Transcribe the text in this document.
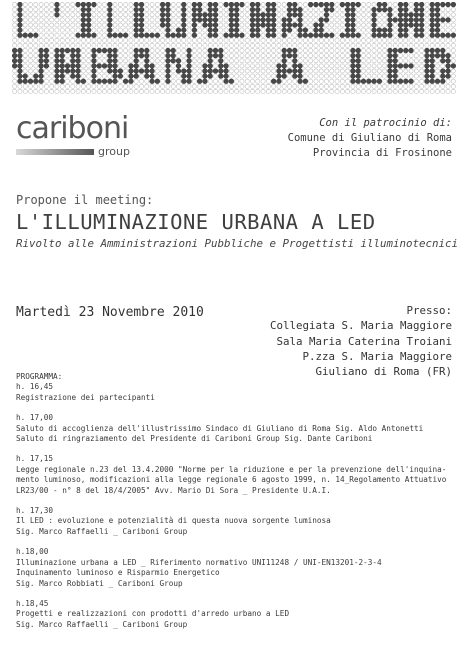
L'ILLUMINAZIONE
URBANA A LED
cariboni
group
Con il patrocinio di:
Comune di Giuliano di Roma
Provincia di Frosinone
Propone il meeting:
L'ILLUMINAZIONE URBANA A LED
Rivolto alle Amministrazioni Pubbliche e Progettisti illuminotecnici
Martedì 23 Novembre 2010	Presso:
Collegiata S. Maria Maggiore
Sala Maria Caterina Troiani
P.zza S. Maria Maggiore
Giuliano di Roma (FR)
PROGRAMMA:
h. 16,45
Registrazione dei partecipanti
h. 17,00
Saluto di accoglienza dell'illustrissimo Sindaco di Giuliano di Roma Sig. Aldo Antonetti
Saluto di ringraziamento del Presidente di Cariboni Group Sig. Dante Cariboni
h. 17,15
Legge regionale n.23 del 13.4.2000 "Norme per la riduzione e per la prevenzione dell'inquina-
mento luminoso, modificazioni alla legge regionale 6 agosto 1999, n. 14_Regolamento Attuativo
LR23/00 - n° 8 del 18/4/2005" Avv. Mario Di Sora _ Presidente U.A.I.
h. 17,30
Il LED : evoluzione e potenzialità di questa nuova sorgente luminosa
Sig. Marco Raffaelli _ Cariboni Group
h.18,00
Illuminazione urbana a LED _ Riferimento normativo UNI11248 / UNI-EN13201-2-3-4
Inquinamento luminoso e Risparmio Energetico
Sig. Marco Robbiati _ Cariboni Group
h.18,45
Progetti e realizzazioni con prodotti d'arredo urbano a LED
Sig. Marco Raffaelli _ Cariboni Group
